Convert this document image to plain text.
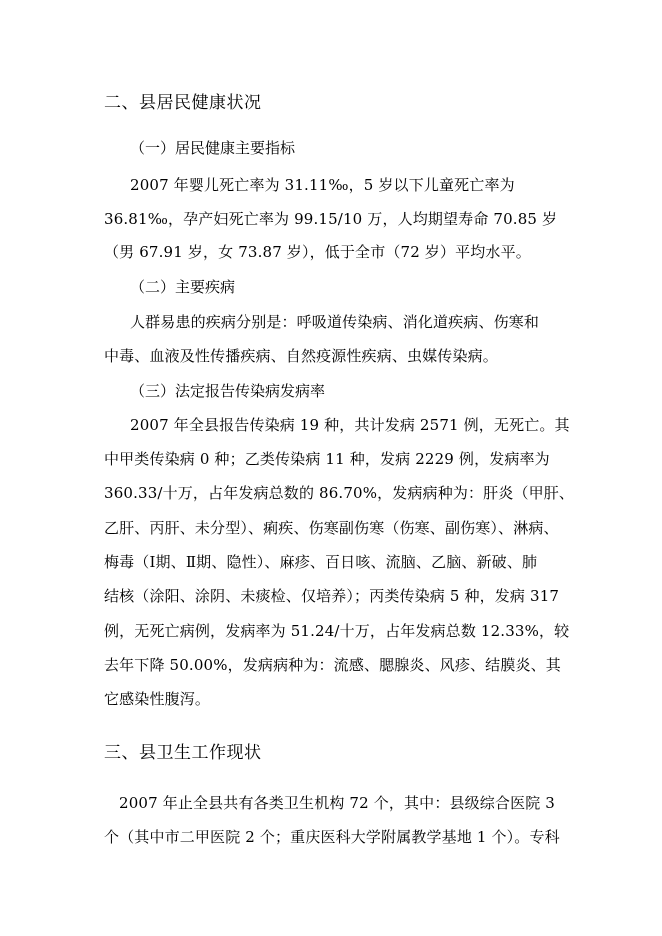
二、县居民健康状况
（一）居民健康主要指标
2007 年婴儿死亡率为 31.11‰，5 岁以下儿童死亡率为
36.81‰，孕产妇死亡率为 99.15/10 万，人均期望寿命 70.85 岁
（男 67.91 岁，女 73.87 岁），低于全市（72 岁）平均水平。
（二）主要疾病
人群易患的疾病分别是：呼吸道传染病、消化道疾病、伤寒和
中毒、血液及性传播疾病、自然疫源性疾病、虫媒传染病。
（三）法定报告传染病发病率
2007 年全县报告传染病 19 种，共计发病 2571 例，无死亡。其
中甲类传染病 0 种；乙类传染病 11 种，发病 2229 例，发病率为
360.33/十万，占年发病总数的 86.70%，发病病种为：肝炎（甲肝、
乙肝、丙肝、未分型）、痢疾、伤寒副伤寒（伤寒、副伤寒）、淋病、
梅毒（Ⅰ期、Ⅱ期、隐性）、麻疹、百日咳、流脑、乙脑、新破、肺
结核（涂阳、涂阴、未痰检、仅培养）；丙类传染病 5 种，发病 317
例，无死亡病例，发病率为 51.24/十万，占年发病总数 12.33%，较
去年下降 50.00%，发病病种为：流感、腮腺炎、风疹、结膜炎、其
它感染性腹泻。
三、县卫生工作现状
2007 年止全县共有各类卫生机构 72 个，其中：县级综合医院 3
个（其中市二甲医院 2 个；重庆医科大学附属教学基地 1 个）。专科
